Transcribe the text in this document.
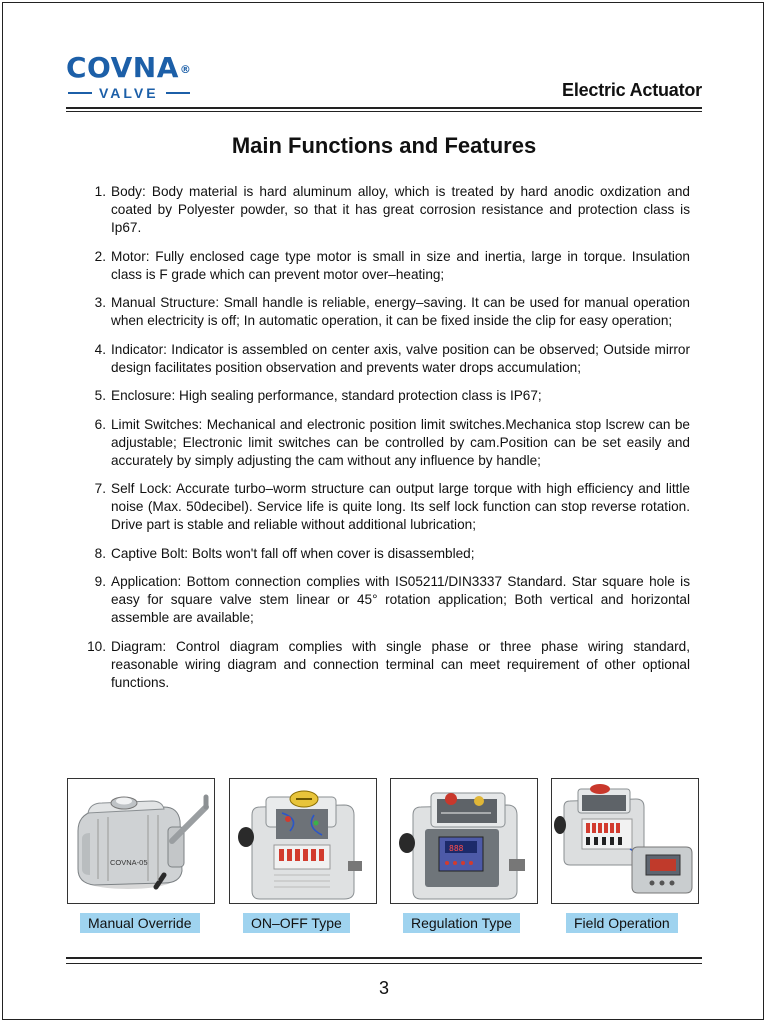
COVNA®
VALVE	Electric Actuator
Main Functions and Features
1. Body: Body material is hard aluminum alloy, which is treated by hard anodic oxdization and coated by Polyester powder, so that it has great corrosion resistance and protection class is Ip67.
2. Motor: Fully enclosed cage type motor is small in size and inertia, large in torque. Insulation class is F grade which can prevent motor over–heating;
3. Manual Structure: Small handle is reliable, energy–saving. It can be used for manual operation when electricity is off; In automatic operation, it can be fixed inside the clip for easy operation;
4. Indicator: Indicator is assembled on center axis, valve position can be observed; Outside mirror design facilitates position observation and prevents water drops accumulation;
5. Enclosure: High sealing performance, standard protection class is IP67;
6. Limit Switches: Mechanical and electronic position limit switches.Mechanica stop lscrew can be adjustable; Electronic limit switches can be controlled by cam.Position can be set easily and accurately by simply adjusting the cam without any influence by handle;
7. Self Lock: Accurate turbo–worm structure can output large torque with high efficiency and little noise (Max. 50decibel). Service life is quite long. Its self lock function can stop reverse rotation. Drive part is stable and reliable without additional lubrication;
8. Captive Bolt: Bolts won't fall off when cover is disassembled;
9. Application: Bottom connection complies with IS05211/DIN3337 Standard. Star square hole is easy for square valve stem linear or 45° rotation application; Both vertical and horizontal assemble are available;
10. Diagram: Control diagram complies with single phase or three phase wiring standard, reasonable wiring diagram and connection terminal can meet requirement of other optional functions.
COVNA-05
Manual Override	ON–OFF Type
888
Regulation Type	Field Operation
3
